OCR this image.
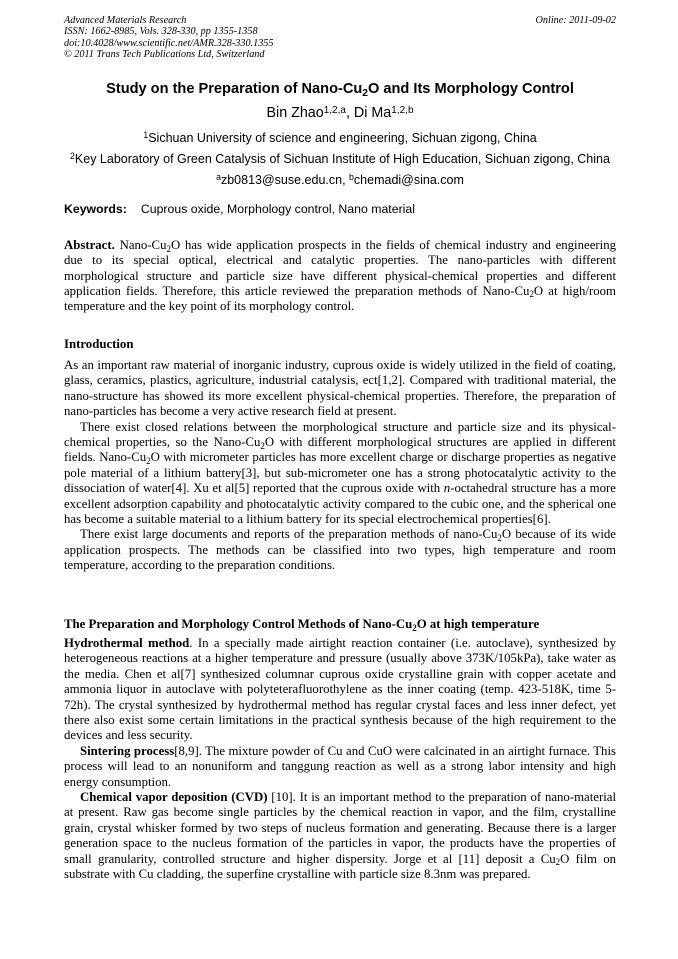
Advanced Materials Research
ISSN: 1662-8985, Vols. 328-330, pp 1355-1358
doi:10.4028/www.scientific.net/AMR.328-330.1355
© 2011 Trans Tech Publications Ltd, Switzerland
Online: 2011-09-02
Study on the Preparation of Nano-$Cu_2O$ and Its Morphology Control
Bin Zhao$^{1,2,a}$, Di Ma$^{1,2,b}$
$^1$Sichuan University of science and engineering, Sichuan zigong, China
$^2$Key Laboratory of Green Catalysis of Sichuan Institute of High Education, Sichuan zigong, China
$^a$zb0813@suse.edu.cn, $^b$chemadi@sina.com
Keywords: Cuprous oxide, Morphology control, Nano material

Abstract. Nano-$Cu_2O$ has wide application prospects in the fields of chemical industry and engineering due to its special optical, electrical and catalytic properties. The nano-particles with different morphological structure and particle size have different physical-chemical properties and different application fields. Therefore, this article reviewed the preparation methods of Nano-$Cu_2O$ at high/room temperature and the key point of its morphology control.

Introduction

As an important raw material of inorganic industry, cuprous oxide is widely utilized in the field of coating, glass, ceramics, plastics, agriculture, industrial catalysis, ect[1,2]. Compared with traditional material, the nano-structure has showed its more excellent physical-chemical properties. Therefore, the preparation of nano-particles has become a very active research field at present.

There exist closed relations between the morphological structure and particle size and its physical-chemical properties, so the Nano-$Cu_2O$ with different morphological structures are applied in different fields. Nano-$Cu_2O$ with micrometer particles has more excellent charge or discharge properties as negative pole material of a lithium battery[3], but sub-micrometer one has a strong photocatalytic activity to the dissociation of water[4]. Xu et al[5] reported that the cuprous oxide with n-octahedral structure has a more excellent adsorption capability and photocatalytic activity compared to the cubic one, and the spherical one has become a suitable material to a lithium battery for its special electrochemical properties[6].

There exist large documents and reports of the preparation methods of nano-$Cu_2O$ because of its wide application prospects. The methods can be classified into two types, high temperature and room temperature, according to the preparation conditions.

The Preparation and Morphology Control Methods of Nano-$Cu_2O$ at high temperature

Hydrothermal method. In a specially made airtight reaction container (i.e. autoclave), synthesized by heterogeneous reactions at a higher temperature and pressure (usually above 373K/105kPa), take water as the media. Chen et al[7] synthesized columnar cuprous oxide crystalline grain with copper acetate and ammonia liquor in autoclave with polyteterafluorothylene as the inner coating (temp. 423-518K, time 5-72h). The crystal synthesized by hydrothermal method has regular crystal faces and less inner defect, yet there also exist some certain limitations in the practical synthesis because of the high requirement to the devices and less security.

Sintering process[8,9]. The mixture powder of Cu and CuO were calcinated in an airtight furnace. This process will lead to an nonuniform and tanggung reaction as well as a strong labor intensity and high energy consumption.

Chemical vapor deposition (CVD) [10]. It is an important method to the preparation of nano-material at present. Raw gas become single particles by the chemical reaction in vapor, and the film, crystalline grain, crystal whisker formed by two steps of nucleus formation and generating. Because there is a larger generation space to the nucleus formation of the particles in vapor, the products have the properties of small granularity, controlled structure and higher dispersity. Jorge et al [11] deposit a $Cu_2O$ film on substrate with Cu cladding, the superfine crystalline with particle size 8.3nm was prepared.
